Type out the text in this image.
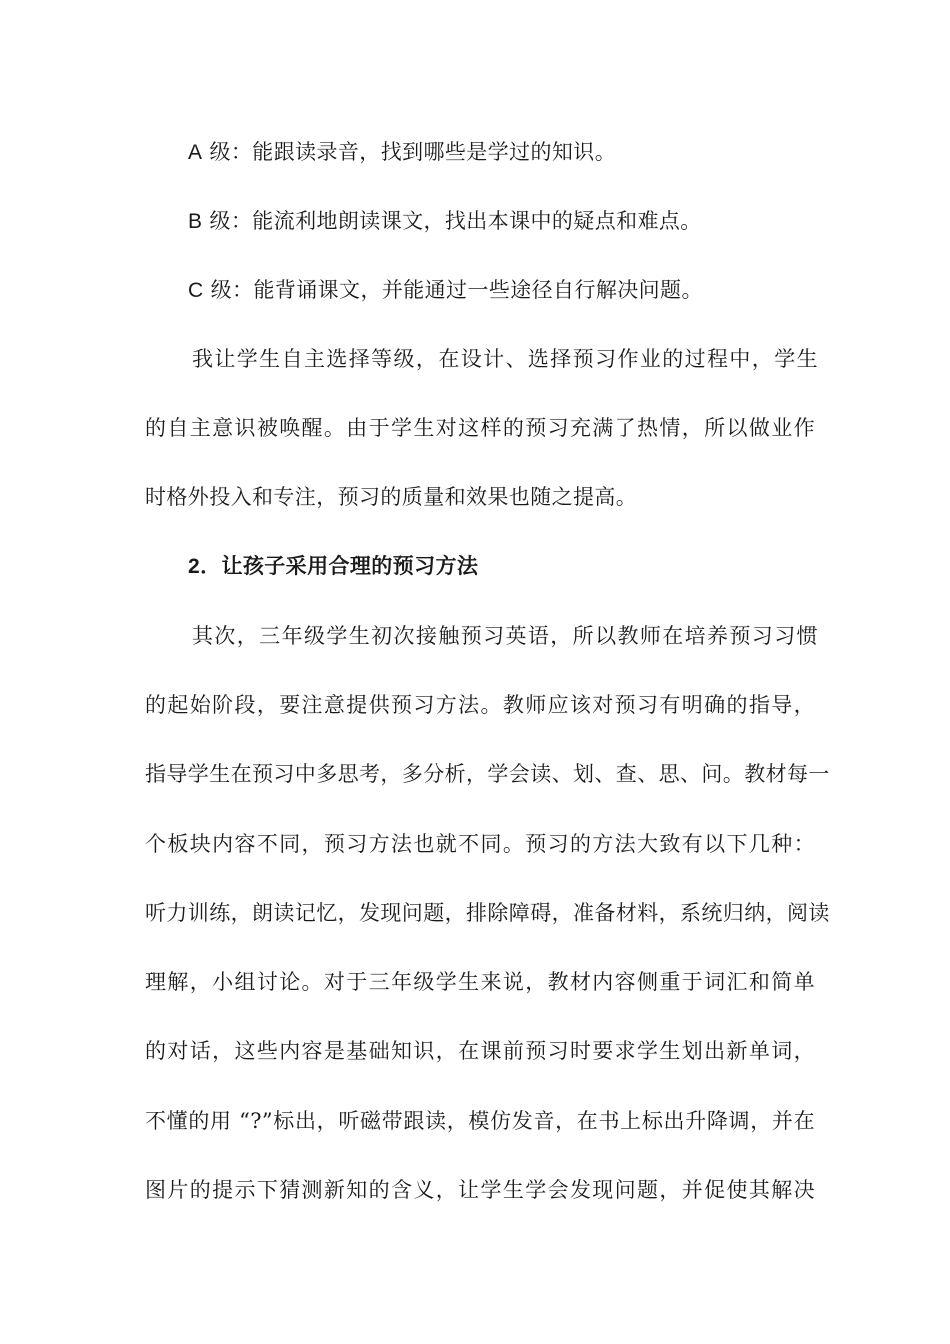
A 级：能跟读录音，找到哪些是学过的知识。
B 级：能流利地朗读课文，找出本课中的疑点和难点。
C 级：能背诵课文，并能通过一些途径自行解决问题。
我让学生自主选择等级，在设计、选择预习作业的过程中，学生
的自主意识被唤醒。由于学生对这样的预习充满了热情，所以做业作
时格外投入和专注，预习的质量和效果也随之提高。
2．让孩子采用合理的预习方法
其次，三年级学生初次接触预习英语，所以教师在培养预习习惯
的起始阶段，要注意提供预习方法。教师应该对预习有明确的指导，
指导学生在预习中多思考，多分析，学会读、划、查、思、问。教材每一
个板块内容不同，预习方法也就不同。预习的方法大致有以下几种：
听力训练，朗读记忆，发现问题，排除障碍，准备材料，系统归纳，阅读
理解，小组讨论。对于三年级学生来说，教材内容侧重于词汇和简单
的对话，这些内容是基础知识，在课前预习时要求学生划出新单词，
不懂的用 “?”标出，听磁带跟读，模仿发音，在书上标出升降调，并在
图片的提示下猜测新知的含义，让学生学会发现问题，并促使其解决
